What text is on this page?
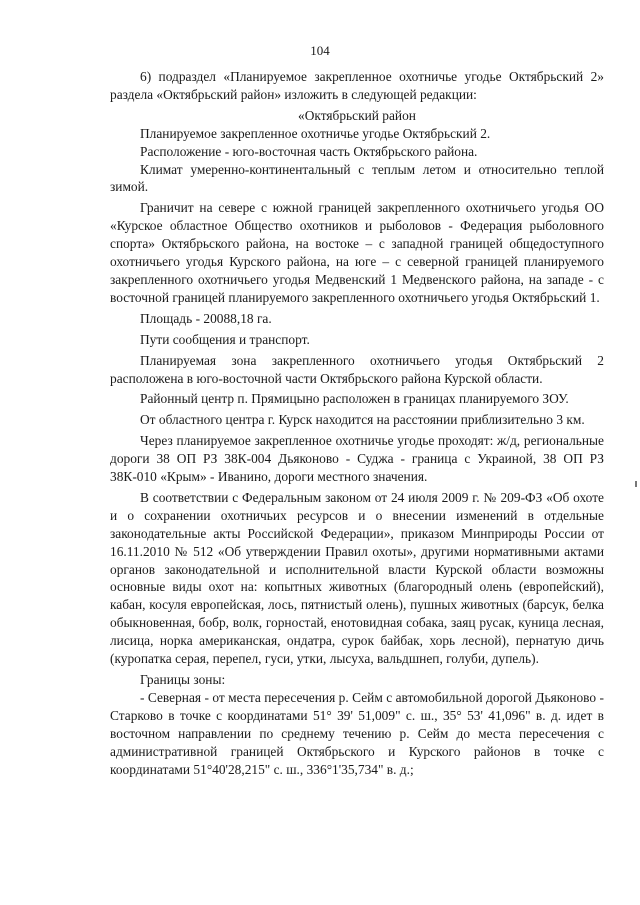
104

6) подраздел «Планируемое закрепленное охотничье угодье Октябрьский 2» раздела «Октябрьский район» изложить в следующей редакции:

«Октябрьский район

Планируемое закрепленное охотничье угодье Октябрьский 2.

Расположение - юго-восточная часть Октябрьского района.

Климат умеренно-континентальный с теплым летом и относительно теплой зимой.

Граничит на севере с южной границей закрепленного охотничьего угодья ОО «Курское областное Общество охотников и рыболовов - Федерация рыболовного спорта» Октябрьского района, на востоке – с западной границей общедоступного охотничьего угодья Курского района, на юге – с северной границей планируемого закрепленного охотничьего угодья Медвенский 1 Медвенского района, на западе - с восточной границей планируемого закрепленного охотничьего угодья Октябрьский 1.

Площадь - 20088,18 га.

Пути сообщения и транспорт.

Планируемая зона закрепленного охотничьего угодья Октябрьский 2 расположена в юго-восточной части Октябрьского района Курской области.

Районный центр п. Прямицыно расположен в границах планируемого ЗОУ.

От областного центра г. Курск находится на расстоянии приблизительно 3 км.

Через планируемое закрепленное охотничье угодье проходят: ж/д, региональные дороги 38 ОП РЗ 38К-004 Дьяконово - Суджа - граница с Украиной, 38 ОП РЗ 38К-010 «Крым» - Иванино, дороги местного значения.

В соответствии с Федеральным законом от 24 июля 2009 г. № 209-ФЗ «Об охоте и о сохранении охотничьих ресурсов и о внесении изменений в отдельные законодательные акты Российской Федерации», приказом Минприроды России от 16.11.2010 № 512 «Об утверждении Правил охоты», другими нормативными актами органов законодательной и исполнительной власти Курской области возможны основные виды охот на: копытных животных (благородный олень (европейский), кабан, косуля европейская, лось, пятнистый олень), пушных животных (барсук, белка обыкновенная, бобр, волк, горностай, енотовидная собака, заяц русак, куница лесная, лисица, норка американская, ондатра, сурок байбак, хорь лесной), пернатую дичь (куропатка серая, перепел, гуси, утки, лысуха, вальдшнеп, голуби, дупель).

Границы зоны:

- Северная - от места пересечения р. Сейм с автомобильной дорогой Дьяконово - Старково в точке с координатами 51° 39' 51,009" с. ш., 35° 53' 41,096" в. д. идет в восточном направлении по среднему течению р. Сейм до места пересечения с административной границей Октябрьского и Курского районов в точке с координатами 51°40'28,215" с. ш., 336°1'35,734" в. д.;
